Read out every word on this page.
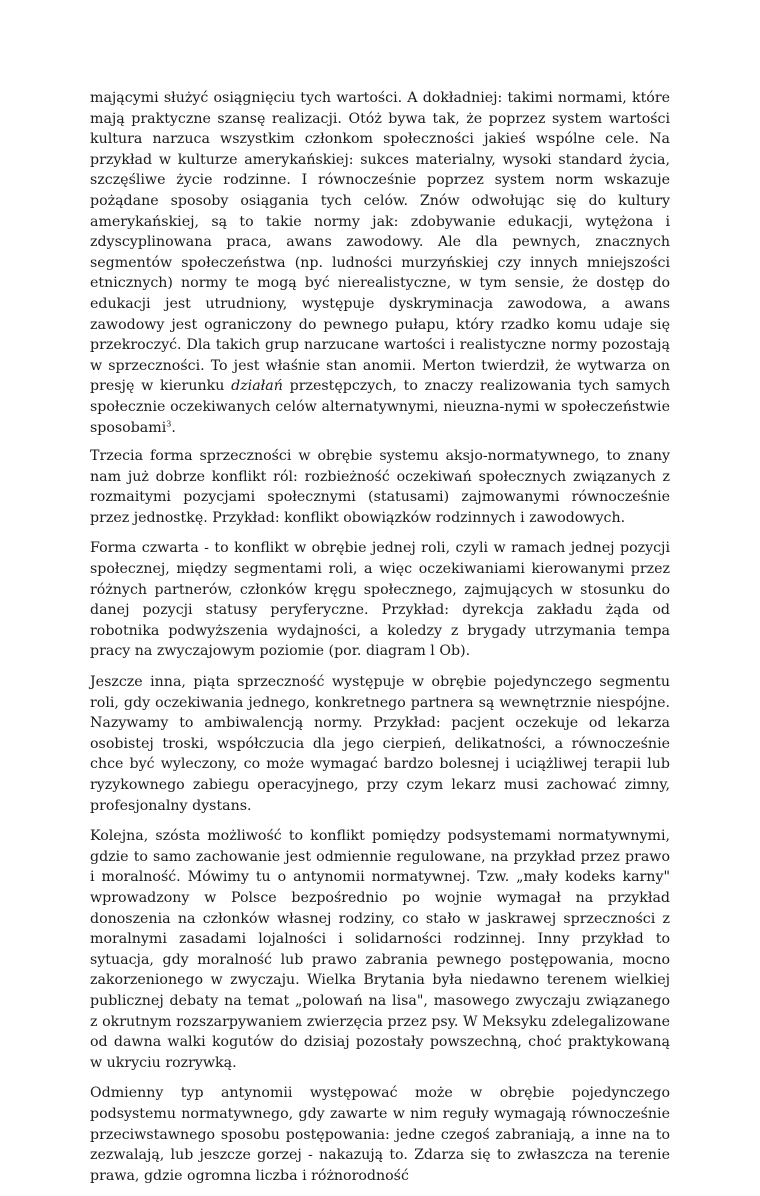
mającymi służyć osiągnięciu tych wartości. A dokładniej: takimi normami, które mają praktyczne szansę realizacji. Otóż bywa tak, że poprzez system wartości kultura narzuca wszystkim członkom społeczności jakieś wspólne cele. Na przykład w kulturze amerykańskiej: sukces materialny, wysoki standard życia, szczęśliwe życie rodzinne. I równocześnie poprzez system norm wskazuje pożądane sposoby osiągania tych celów. Znów odwołując się do kultury amerykańskiej, są to takie normy jak: zdobywanie edukacji, wytężona i zdyscyplinowana praca, awans zawodowy. Ale dla pewnych, znacznych segmentów społeczeństwa (np. ludności murzyńskiej czy innych mniejszości etnicznych) normy te mogą być nierealistyczne, w tym sensie, że dostęp do edukacji jest utrudniony, występuje dyskryminacja zawodowa, a awans zawodowy jest ograniczony do pewnego pułapu, który rzadko komu udaje się przekroczyć. Dla takich grup narzucane wartości i realistyczne normy pozostają w sprzeczności. To jest właśnie stan anomii. Merton twierdził, że wytwarza on presję w kierunku działań przestępczych, to znaczy realizowania tych samych społecznie oczekiwanych celów alternatywnymi, nieuzna-nymi w społeczeństwie sposobami$^3$.

Trzecia forma sprzeczności w obrębie systemu aksjo-normatywnego, to znany nam już dobrze konflikt ról: rozbieżność oczekiwań społecznych związanych z rozmaitymi pozycjami społecznymi (statusami) zajmowanymi równocześnie przez jednostkę. Przykład: konflikt obowiązków rodzinnych i zawodowych.

Forma czwarta - to konflikt w obrębie jednej roli, czyli w ramach jednej pozycji społecznej, między segmentami roli, a więc oczekiwaniami kierowanymi przez różnych partnerów, członków kręgu społecznego, zajmujących w stosunku do danej pozycji statusy peryferyczne. Przykład: dyrekcja zakładu żąda od robotnika podwyższenia wydajności, a koledzy z brygady utrzymania tempa pracy na zwyczajowym poziomie (por. diagram l Ob).

Jeszcze inna, piąta sprzeczność występuje w obrębie pojedynczego segmentu roli, gdy oczekiwania jednego, konkretnego partnera są wewnętrznie niespójne. Nazywamy to ambiwalencją normy. Przykład: pacjent oczekuje od lekarza osobistej troski, współczucia dla jego cierpień, delikatności, a równocześnie chce być wyleczony, co może wymagać bardzo bolesnej i uciążliwej terapii lub ryzykownego zabiegu operacyjnego, przy czym lekarz musi zachować zimny, profesjonalny dystans.

Kolejna, szósta możliwość to konflikt pomiędzy podsystemami normatywnymi, gdzie to samo zachowanie jest odmiennie regulowane, na przykład przez prawo i moralność. Mówimy tu o antynomii normatywnej. Tzw. „mały kodeks karny" wprowadzony w Polsce bezpośrednio po wojnie wymagał na przykład donoszenia na członków własnej rodziny, co stało w jaskrawej sprzeczności z moralnymi zasadami lojalności i solidarności rodzinnej. Inny przykład to sytuacja, gdy moralność lub prawo zabrania pewnego postępowania, mocno zakorzenionego w zwyczaju. Wielka Brytania była niedawno terenem wielkiej publicznej debaty na temat „polowań na lisa", masowego zwyczaju związanego z okrutnym rozszarpywaniem zwierzęcia przez psy. W Meksyku zdelegalizowane od dawna walki kogutów do dzisiaj pozostały powszechną, choć praktykowaną w ukryciu rozrywką.

Odmienny typ antynomii występować może w obrębie pojedynczego podsystemu normatywnego, gdy zawarte w nim reguły wymagają równocześnie przeciwstawnego sposobu postępowania: jedne czegoś zabraniają, a inne na to zezwalają, lub jeszcze gorzej - nakazują to. Zdarza się to zwłaszcza na terenie prawa, gdzie ogromna liczba i różnorodność
